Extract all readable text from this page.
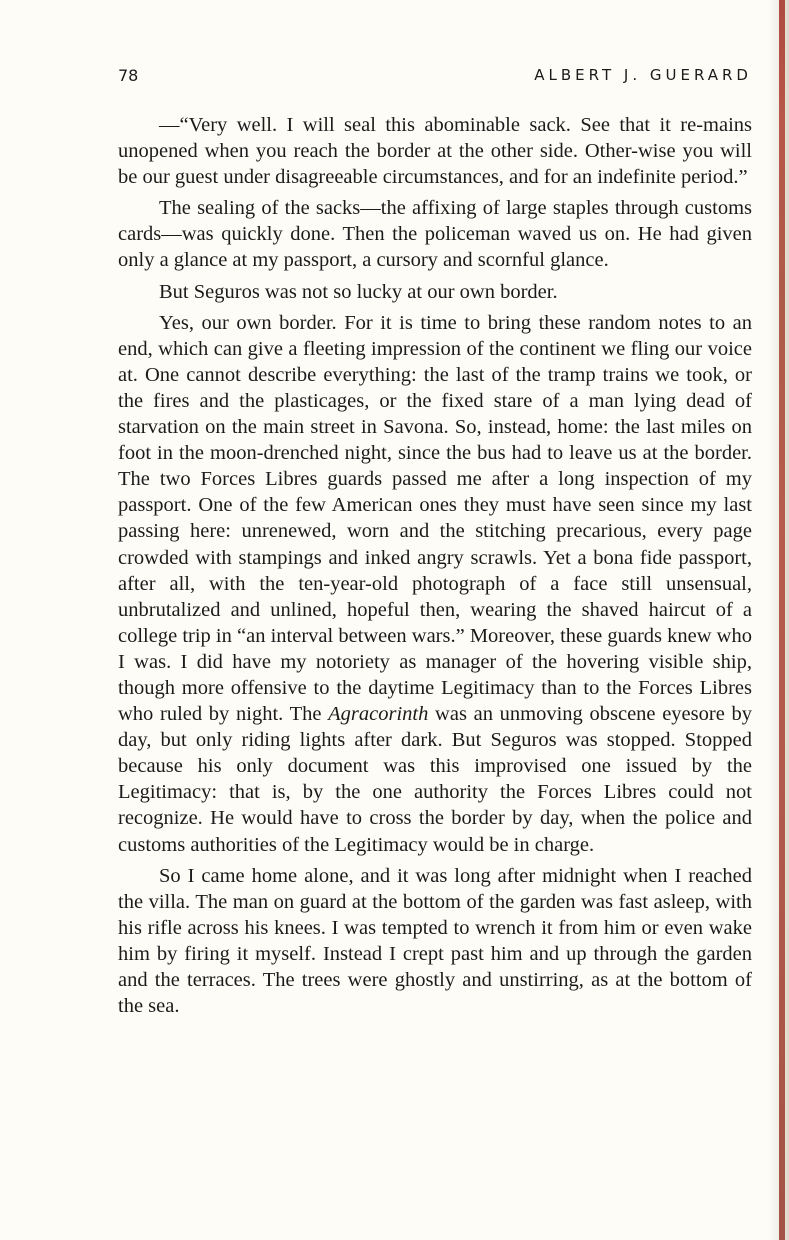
78	ALBERT J. GUERARD

—“Very well. I will seal this abominable sack. See that it re-mains unopened when you reach the border at the other side. Other-wise you will be our guest under disagreeable circumstances, and for an indefinite period.”

The sealing of the sacks—the affixing of large staples through customs cards—was quickly done. Then the policeman waved us on. He had given only a glance at my passport, a cursory and scornful glance.

But Seguros was not so lucky at our own border.

Yes, our own border. For it is time to bring these random notes to an end, which can give a fleeting impression of the continent we fling our voice at. One cannot describe everything: the last of the tramp trains we took, or the fires and the plasticages, or the fixed stare of a man lying dead of starvation on the main street in Savona. So, instead, home: the last miles on foot in the moon-drenched night, since the bus had to leave us at the border. The two Forces Libres guards passed me after a long inspection of my passport. One of the few American ones they must have seen since my last passing here: unrenewed, worn and the stitching precarious, every page crowded with stampings and inked angry scrawls. Yet a bona fide passport, after all, with the ten-year-old photograph of a face still unsensual, unbrutalized and unlined, hopeful then, wearing the shaved haircut of a college trip in “an interval between wars.” Moreover, these guards knew who I was. I did have my notoriety as manager of the hovering visible ship, though more offensive to the daytime Legitimacy than to the Forces Libres who ruled by night. The Agracorinth was an unmoving obscene eyesore by day, but only riding lights after dark. But Seguros was stopped. Stopped because his only document was this improvised one issued by the Legitimacy: that is, by the one authority the Forces Libres could not recognize. He would have to cross the border by day, when the police and customs authorities of the Legitimacy would be in charge.

So I came home alone, and it was long after midnight when I reached the villa. The man on guard at the bottom of the garden was fast asleep, with his rifle across his knees. I was tempted to wrench it from him or even wake him by firing it myself. Instead I crept past him and up through the garden and the terraces. The trees were ghostly and unstirring, as at the bottom of the sea.
